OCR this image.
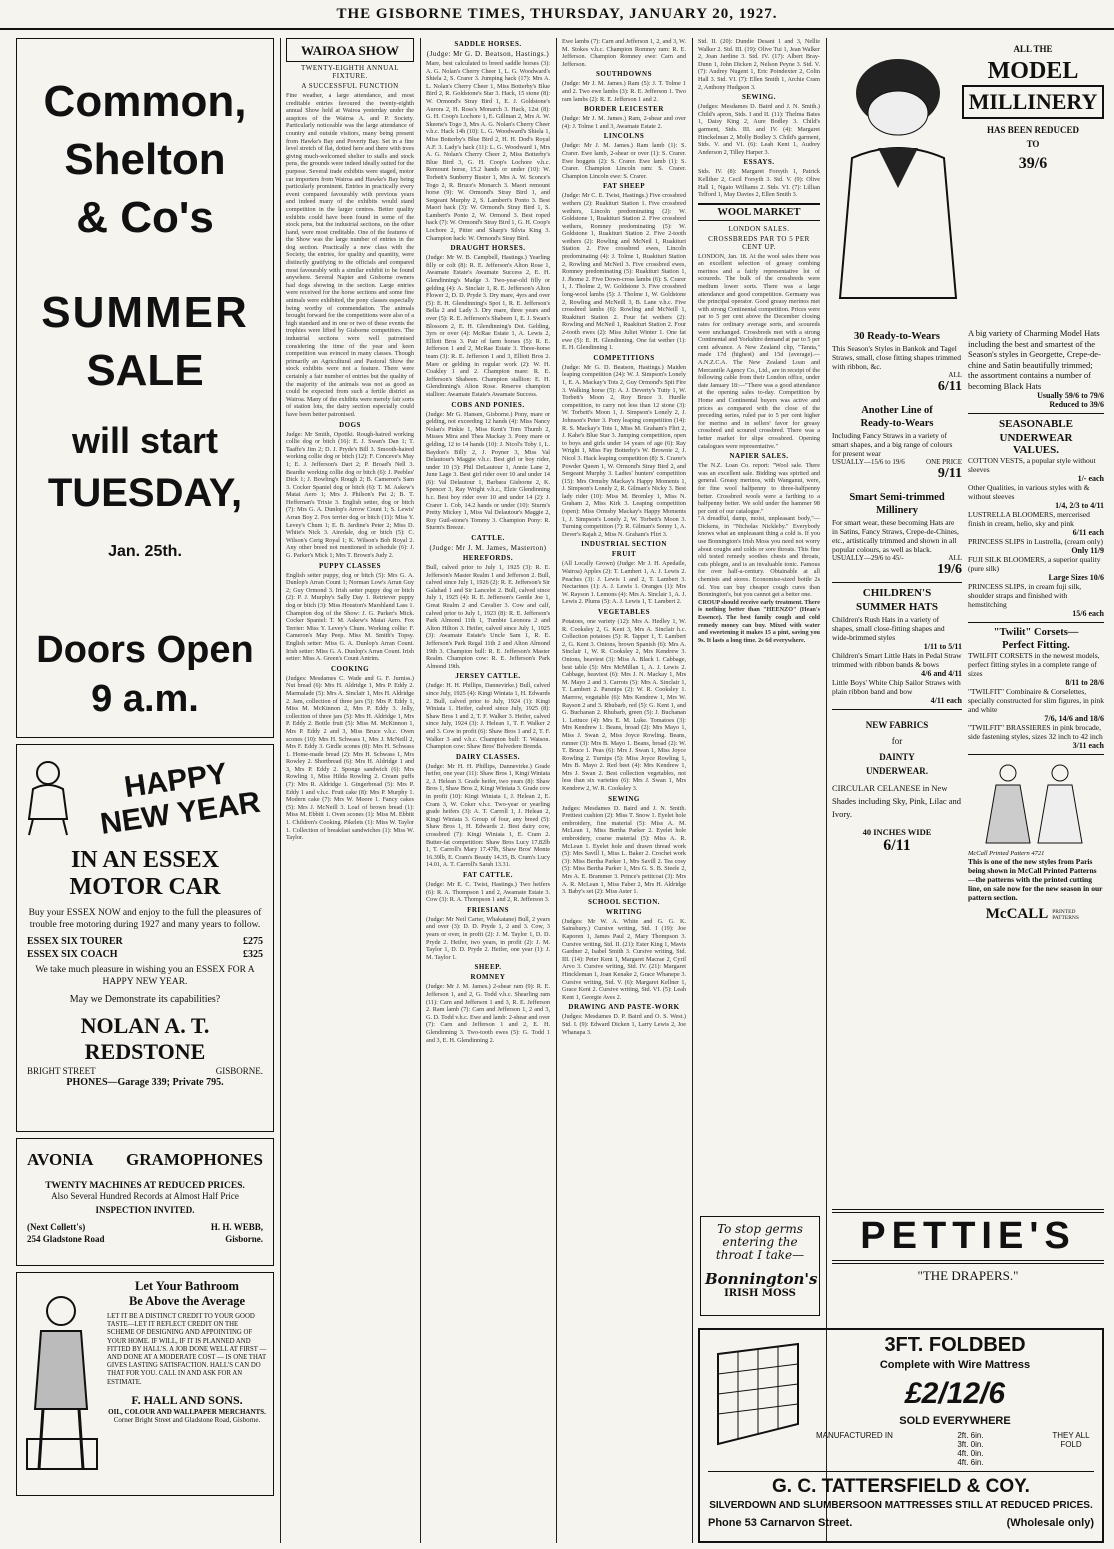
THE GISBORNE TIMES, THURSDAY, JANUARY 20, 1927.
Common,
Shelton
& Co's
SUMMER
SALE
will start
TUESDAY,
Jan. 25th.
Doors Open
9 a.m.
HAPPY NEW YEAR
IN AN ESSEX
MOTOR CAR
Buy your ESSEX NOW and enjoy to the full the pleasures of trouble free motoring during 1927 and many years to follow.
ESSEX SIX TOURER	£275
ESSEX SIX COACH	£325
We take much pleasure in wishing you an ESSEX FOR A HAPPY NEW YEAR.
May we Demonstrate its capabilities?
NOLAN A. T. REDSTONE
BRIGHT STREET	GISBORNE.
PHONES—Garage 339; Private 795.
AVONIA GRAMOPHONES
TWENTY MACHINES AT REDUCED PRICES.
Also Several Hundred Records at Almost Half Price
INSPECTION INVITED.
(Next Collett's)	H. H. WEBB,
254 Gladstone Road	Gisborne.
Let Your Bathroom
Be Above the Average
LET IT BE A DISTINCT CREDIT TO YOUR GOOD TASTE—LET IT REFLECT CREDIT ON THE SCHEME OF DESIGNING AND APPOINTING OF YOUR HOME. IF WILL, IF IT IS PLANNED AND FITTED BY HALL'S. A JOB DONE WELL AT FIRST — AND DONE AT A MODERATE COST — IS ONE THAT GIVES LASTING SATISFACTION. HALL'S CAN DO THAT FOR YOU. CALL IN AND ASK FOR AN ESTIMATE.
F. HALL AND SONS.
OIL, COLOUR AND WALLPAPER MERCHANTS.
Corner Bright Street and Gladstone Road, Gisborne.
WAIROA SHOW
TWENTY-EIGHTH ANNUAL FIXTURE.
A SUCCESSFUL FUNCTION

Fine weather, a large attendance, and most creditable entries favoured the twenty-eighth annual Show held at Wairoa yesterday under the auspices of the Wairoa A. and P. Society. Particularly noticeable was the large attendance of country and outside visitors, many being present from Hawke's Bay and Poverty Bay. Set in a fine level stretch of flat, dotted here and there with trees giving much-welcomed shelter to stalls and stock pens, the grounds were indeed ideally suited for the purpose. Several trade exhibits were staged, motor car importers from Wairoa and Hawke's Bay being particularly prominent. Entries in practically every event compared favourably with previous years and indeed many of the exhibits would stand competition in the larger centres. Better quality exhibits could have been found in some of the stock pens, but the industrial sections, on the other hand, were most creditable. One of the features of the Show was the large number of entries in the dog section. Practically a new class with the Society, the entries, for quality and quantity, were distinctly gratifying to the officials and compared most favourably with a similar exhibit to be found anywhere. Several Napier and Gisborne owners had dogs showing in the section. Large entries were received for the horse sections and some fine animals were exhibited, the pony classes especially being worthy of commendation. The animals brought forward for the competitions were also of a high standard and in one or two of these events the trophies were lifted by Gisborne competitors. The industrial sections were well patronised considering the time of the year and keen competition was evinced in many classes. Though primarily an Agricultural and Pastoral Show the stock exhibits were not a feature. There were certainly a fair number of entries but the quality of the majority of the animals was not as good as could be expected from such a fertile district as Wairoa. Many of the exhibits were merely fair sorts of station lots, the dairy section especially could have been better patronised.

DOGS

Judge: Mr Smith, Opotiki. Rough-haired working collie dog or bitch (16): E. J. Swan's Dan 1; T. Taaffe's Jim 2; D. J. Pryde's Bill 3. Smooth-haired working collie dog or bitch (12): F. Conceve's May 1; E. J. Jefferson's Dart 2; P. Broad's Nell 3. Beardie working collie dog or bitch (6): J. Peebles' Dick 1; J. Bowling's Rough 2; B. Cameron's Sam 3. Cocker Spaniel dog or bitch (6): T. M. Askew's Matai Aero 1; Mrs J. Philson's Pat 2; B. T. Heffernan's Trixie 3. English setter, dog or bitch (7): Mrs G. A. Dunlop's Arrow Count 1; S. Lewis' Arran Boy 2. Fox terrier dog or bitch (11): Miss Y. Levey's Chum 1; E. B. Jardine's Peter 2; Miss D. White's Nick 3. Airedale, dog or bitch (5): C. Wilson's Cerig Royal 1; K. Wilson's Bob Royal 2. Any other breed not mentioned in schedule (6): J. G. Parker's Mick 1; Mrs T. Brown's Judy 2.

PUPPY CLASSES

English setter puppy, dog or bitch (5): Mrs G. A. Dunlop's Arran Count 1; Norman Low's Arran Guy 2; Guy Ormond 3. Irish setter puppy dog or bitch (2): P. J. Murphy's Sally Day 1. Retriever puppy dog or bitch (3): Miss Houston's Marshland Lass 1. Champion dog of the Show: J. G. Parker's Mick. Cocker Spaniel: T. M. Askew's Matai Aero. Fox Terrier: Miss Y. Levey's Chum. Working collie: F. Cameron's May Peep. Miss M. Smith's Topsy. English setter: Miss G. A. Dunlop's Arran Count. Irish setter: Miss G. A. Dunlop's Arran Count. Irish setter: Miss A. Green's Count Antrim.

COOKING

(Judges: Mesdames C. Wade and G. F. Jurniss.) Nut bread (6): Mrs H. Aldridge 1, Mrs P. Eddy 2. Marmalade (5): Mrs A. Sinclair 1, Mrs H. Aldridge 2. Jam, collection of three jars (5): Mrs P. Eddy 1, Miss M. McKinnon 2, Mrs P. Eddy 3. Jelly, collection of three jars (5): Mrs H. Aldridge 1, Mrs P. Eddy 2. Bottle fruit (5): Miss M. McKinnon 1, Mrs P. Eddy 2 and 3, Miss Bruce v.h.c. Oven scones (10): Mrs H. Schwass 1, Mrs J. McNeill 2, Mrs F. Eddy 3. Girdle scones (8): Mrs H. Schwass 1. Home-made bread (2): Mrs H. Schwass 1, Mrs Rowley 2. Shortbread (6): Mrs H. Aldridge 1 and 3, Mrs P. Eddy 2. Sponge sandwich (6): Mrs Rowling 1, Miss Hilda Rowling 2. Cream puffs (7): Mrs R. Aldridge 1. Gingerbread (5): Mrs P. Eddy 1 and v.h.c. Fruit cake (8): Mrs P. Murphy 1. Modern cake (7): Mrs W. Moore 1. Fancy cakes (5): Mrs J. McNeill 3. Loaf of brown bread (1): Miss M. Ebbitt 1. Oven scones (1): Miss M. Ebbitt 1. Children's Cooking. Pikelets (1): Miss W. Taylor 1. Collection of breakfast sandwiches (1): Miss W. Taylor.

SADDLE HORSES.
(Judge: Mr G. D. Beatson, Hastings.)

Mare, best calculated to breed saddle horses (3): A. G. Nolan's Cherry Cheer 1, L. G. Woodward's Shiela 2, S. Crarer 3. Jumping hack (17): Mrs A. L. Nolan's Cherry Cheer 1, Miss Botterby's Blue Bird 2, R. Goldstone's Star 3. Hack, 15 stone (8): W. Ormond's Stray Bird 1, E. J. Goldstone's Aurora 2, H. Ross's Monarch 3. Hack, 12st (8): G. H. Coop's Lochore 1, E. Gillman 2, Mrs A. W. Skeene's Togo 3, Mrs A. G. Nolan's Cherry Cheer v.h.c. Hack 14h (10): L. G. Woodward's Shiela 1, Miss Botterby's Blue Bird 2, H. H. Dod's Royal A.F. 3. Lady's hack (11): L. G. Woodward 1, Mrs A. G. Nolan's Cherry Cheer 2, Miss Botterby's Blue Bird 3, G. H. Coop's Lochore v.h.c. Remount horse, 15.2 hands or under (10): W. Torbett's Sunberry Buster 1, Mrs A. W. Sconce's Togo 2, R. Bruce's Monarch 3. Maori remount horse (9): W. Ormond's Stray Bird 1, and Sergeant Murphy 2, S. Lambert's Ponto 3. Best Maori hack (3): W. Ormond's Stray Bird 1, S. Lambert's Ponto 2, W. Ormond 3. Best roped hack (7): W. Ormond's Stray Bird 1, G. H. Coop's Lochore 2, Pitter and Sharp's Silvia King 3. Champion hack: W. Ormond's Stray Bird.

DRAUGHT HORSES.

(Judge: Mr W. B. Campbell, Hastings.) Yearling filly or colt (8): R. E. Jefferson's Alton Rose 1, Awamate Estate's Awamate Success 2, E. H. Glendinning's Madge 3. Two-year-old filly or gelding (4): A. Sinclair 1, R. E. Jefferson's Alton Flower 2, D. D. Pryde 3. Dry mare, 4yrs and over (5): E. H. Glendinning's Spot 1, R. E. Jefferson's Bella 2 and Lady 3. Dry mare, three years and over (5): R. E. Jefferson's Shabeen 1, E. J. Swan's Blossom 2, E. H. Glendinning's Dot. Gelding, 3yrs or over (4): McRae Estate 1, A. Lewis 2, Elliott Bros 3. Pair of farm horses (5): R. E. Jefferson 1 and 2, McRae Estate 3. Three-horse team (3): R. E. Jefferson 1 and 3, Elliott Bros 2. Mare or gelding in regular work (2): W. H. Coakley 1 and 2. Champion mare: R. E. Jefferson's Shabeen. Champion stallion: E. H. Glendinning's Alton Rose. Reserve champion stallion: Awamate Estate's Awamate Success.

COBS AND PONIES.

(Judge: Mr G. Hansen, Gisborne.) Pony, mare or gelding, not exceeding 12 hands (4): Miss Nancy Nolan's Pinkie 1, Miss Kent's Tom Thumb 2, Misses Mira and Thea Mackay 3. Pony mare or gelding, 12 to 14 hands (10): J. Nicol's Toby 1, L. Baydon's Billy 2, J. Poyner 3, Miss Val Delautour's Maggie v.h.c. Best girl or boy rider, under 10 (3): Phil DeLautour 1, Annie Lane 2, June Lage 3. Best girl rider over 10 and under 14 (6): Val Delautour 1, Barbara Gisborne 2, K. Spencer 3, Ray Wright v.h.c., Elzie Glendinning h.c. Best boy rider over 10 and under 14 (2): J. Crarer 1. Cob, 14.2 hands or under (10): Sturm's Pretty Mickey 1, Miss Val Delautour's Maggie 2, Roy Guil-stone's Tommy 3. Champion Pony: R. Sturm's Breeze.

CATTLE.
(Judge: Mr J. M. James, Masterton)
HEREFORDS.

Bull, calved prior to July 1, 1925 (3): R. E. Jefferson's Master Realm 1 and Jefferson 2. Bull, calved since July 1, 1926 (2): R. E. Jefferson's Sir Galahad 1 and Sir Lancelot 2. Bull, calved since July 1, 1925 (4): R. E. Jefferson's Gentle Joe 1, Great Realm 2 and Cavalier 3. Cow and calf, calved prior to July 1, 1923 (8): R. E. Jefferson's Park Almond 11th 1, Tumbie Leonora 2 and Alton Hilton 3. Heifer, calved since July 1, 1925 (3): Awamate Estate's Uncle Sam 1, R. E. Jefferson's Park Regal 11th 2 and Alton Almond 19th 3. Champion bull: R. E. Jefferson's Master Realm. Champion cow: R. E. Jefferson's Park Almond 19th.

JERSEY CATTLE.

(Judge: H. H. Phillips, Dannevirke.) Bull, calved since July, 1925 (4): Kingi Winiata 1, H. Edwards 2. Bull, calved prior to July, 1924 (1): Kingi Winiata 1. Heifer, calved since July, 1925 (8): Shaw Bros 1 and 2, T. F. Walker 3. Heifer, calved since July, 1924 (3): J. Helean 1, T. F. Walker 2 and 3. Cow in profit (6): Shaw Bros 1 and 2, T. F. Walker 3 and v.h.c. Champion bull: T. Watson. Champion cow: Shaw Bros' Belvedere Brenda.

DAIRY CLASSES.

(Judge: Mr H. H. Phillips, Dannevirke.) Grade heifer, one year (11): Shaw Bros 1, Kingi Winiata 2, J. Helean 3. Grade heifer, two years (8): Shaw Bros 1, Shaw Bros 2, Kingi Winiata 3. Grade cow in profit (10): Kingi Winiata 1, J. Helean 2, E. Cram 3, W. Coker v.h.c. Two-year or yearling grade heifers (3): A. T. Carroll 1, J. Helean 2, Kingi Winiata 3. Group of four, any breed (5): Shaw Bros 1, H. Edwards 2. Best dairy cow, crossbred (7): Kingi Winiata 1, E. Cram 2. Butter-fat competition: Shaw Bros Lucy 17.82lb 1, T. Carroll's Mary 17.47lb, Shaw Bros' Monte 16.39lb, E. Cram's Beauty 14.35, B. Cram's Lucy 14.01, A. T. Carroll's Sarah 13.31.

FAT CATTLE.

(Judge: Mr E. C. Twist, Hastings.) Two heifers (6): R. A. Thompson 1 and 2, Awamate Estate 3. Cow (3): R. A. Thompson 1 and 2, R. Jefferson 3.

FRIESIANS

(Judge: Mr Neil Carter, Whakatane) Bull, 2 years and over (3): D. D. Pryde 1, 2 and 3. Cow, 3 years or over, in profit (2): J. M. Taylor 1, D. D. Pryde 2. Heifer, two years, in profit (2): J. M. Taylor 1, D. D. Pryde 2. Heifer, one year (1): J. M. Taylor 1.

SHEEP.
ROMNEY

(Judge: Mr J. M. James.) 2-shear ram (9): R. E. Jefferson 1, and 2, G. Todd v.h.c. Shearling ram (11): Carn and Jefferson 1 and 3, R. E. Jefferson 2. Ram lamb (7): Carn and Jefferson 1, 2 and 3, G. D. Todd v.h.c. Ewe and lamb: 2-shear and over (7): Carn and Jefferson 1 and 2, E. H. Glendinning 3. Two-tooth ewes (5): G. Todd 1 and 3, E. H. Glendinning 2.

Ewe lambs (7): Carn and Jefferson 1, 2, and 3, W. M. Stokes v.h.c. Champion Romney ram: R. E. Jefferson. Champion Romney ewe: Carn and Jefferson.

SOUTHDOWNS

(Judge: Mr J. M. James.) Ram (5): J. T. Tolme 1 and 2. Two ewe lambs (3): R. E. Jefferson 1. Two ram lambs (2): R. E. Jefferson 1 and 2.

BORDER LEICESTER

(Judge: Mr J. M. James.) Ram, 2-shear and over (4): J. Tolme 1 and 3, Awamate Estate 2.

LINCOLNS

(Judge: Mr J. M. James.) Ram lamb (1): S. Crarer. Ewe lamb, 2-shear or over (1): S. Crarer. Ewe hoggets (2): S. Crarer. Ewe lamb (1): S. Crarer. Champion Lincoln ram: S. Crarer. Champion Lincoln ewe: S. Crarer.

FAT SHEEP

(Judge: Mr C. E. Twist, Hastings.) Five crossbred wethers (2): Ruakituri Station 1. Five crossbred wethers, Lincoln predominating (2): W. Goldstone 1, Ruakituri Station 2. Five crossbred wethers, Romney predominating (5): W. Goldstone 1, Ruakituri Station 2. Five 2-tooth wethers (2): Rowling and McNeil 1, Ruakituri Station 2. Five crossbred ewes, Lincoln predominating (4): J. Tolme 1, Ruakituri Station 2, Rowling and McNeil 3. Five crossbred ewes, Romney predominating (5): Ruakituri Station 1, J. Jhome 2. Five Down-cross lambs (6): S. Crarer 1, J. Tholme 2, W. Goldstone 3. Five crossbred long-wool lambs (5): J. Tholme 1, W. Goldstone 2, Rowling and McNeill 3, B. Lane v.h.c. Five crossbred lambs (6): Rowling and McNeill 1, Ruakituri Station 2. Four fat wethers (2): Rowling and McNeil 1, Ruakituri Station 2. Four 2-tooth ewes (2): Miss Juliet Winter 1. One fat ewe (5): E. H. Glendinning. One fat wether (1): E. H. Glendinning 1.

COMPETITIONS

(Judge: Mr G. D. Beatson, Hastings.) Maiden leaping competition (24): W. J. Simpson's Lonely 1, E. A. Mackay's Tots 2, Guy Ormond's Spit Fire 3. Walking horse (5): A. J. Deverty's Tutty 1, W. Torbett's Moon 2, Roy Bruce 3. Hurdle competition, to carry not less than 12 stone (3): W. Torbett's Moon 1, J. Simpson's Lonely 2, J. Johnson's Peter 3. Pony leaping competition (14): R. S. Mackay's Tots 1, Miss M. Graham's Flirt 2, J. Kahe's Blue Star 3. Jumping competition, open to boys and girls under 14 years of age (6): Ray Wright 1, Miss Fay Botterby's W. Brownie 2, J. Nicol 3. Hack leaping competition (8): S. Crarer's Powder Queen 1, W. Ormond's Stray Bird 2, and Sergeant Murphy 3. Ladies' hunters' competition (15): Mrs Ormsby Mackay's Happy Moments 1, J. Simpson's Lonely 2, R. Gilman's Nicky 3. Best lady rider (10): Miss M. Bromley 1, Miss N. Graham 2, Miss Kirk 3. Leaping competition (open): Miss Ormsby Mackay's Happy Moments 1, J. Simpson's Lonely 2, W. Torbett's Moon 3. Turning competition (7): R. Gilman's Sonny 1, A. Dever's Rajah 2, Miss N. Graham's Flirt 3.

INDUSTRIAL SECTION
FRUIT

(All Locally Grown) (Judge: Mr J. H. Apedaile, Wairoa) Apples (2): T. Lambert 1, A. J. Lewis 2. Peaches (3): J. Lewis 1 and 2, T. Lambert 3. Nectarines (1): A. J. Lewis 1. Oranges (1): Mrs W. Rayson 1. Lemons (4): Mrs A. Sinclair 1, A. J. Lewis 2. Plums (5): A. J. Lewis 1, T. Lambert 2.

VEGETABLES

Potatoes, one variety (12): Mrs A. Hedley 1, W. R. Cooksley 2, G. Kent 3, Mrs A. Sinclair h.c. Collection potatoes (5): R. Tapper 1, T. Lambert 2, G. Kent 3. Onions, brown Spanish (6): Mrs A. Sinclair 1, W. R. Cooksley 2, Mrs Kendrew 3. Onions, heaviest (3): Miss A. Black 1. Cabbage, best table (5): Mrs McMillan 1, A. J. Lewis 2. Cabbage, heaviest (6): Mrs J. N. Mackay 1, Mrs M. Mayo 2 and 3. Carrots (5): Mrs A. Sinclair 1, T. Lambert 2. Parsnips (2): W. R. Cooksley 1. Marrow, vegetable (6): Mrs Kendrew 1, Mrs W. Rayson 2 and 3. Rhubarb, red (5): G. Kent 1, and G. Buchanan 2. Rhubarb, green (5): J. Buchanan 1. Lettuce (4): Mrs E. M. Luke. Tomatoes (3): Mrs Kendrew 1. Beans, broad (2): Mrs Mayo 1, Miss J. Swan 2, Miss Joyce Rowling. Beans, runner (3): Mrs B. Mayo 1. Beans, broad (2): W. T. Bruce 1. Peas (6): Mrs J. Swan 1, Miss Joyce Rowling 2. Turnips (5): Miss Joyce Rowling 1, Mrs B. Mayo 2. Red beet (4): Mrs Kendrew 1, Mrs J. Swan 2. Best collection vegetables, not less than six varieties (6): Mrs J. Swan 1, Mrs Kendrew 2, W. R. Cooksley 3.

SEWING

Judges: Mesdames D. Baird and J. N. Smith. Prettiest cushion (2): Miss T. Snow 1. Eyelet hole embroidery, fine material (5): Miss A. M. McLean 1, Miss Bertha Parker 2. Eyelet hole embroidery, coarse material (5): Miss A. R. McLean 1. Eyelet hole and drawn thread work (5): Mrs Savill 1, Miss L. Baker 2. Crochet work (3): Miss Bertha Parker 1, Mrs Savill 2. Tea cosy (5): Miss Bertha Parker 1, Mrs G. S. B. Steele 2, Mrs A. E. Brammer 3. Prince's petticoat (3): Mrs A. R. McLean 1, Miss Faber 2, Mrs H. Aldridge 3. Baby's set (2): Miss Aster 1.

SCHOOL SECTION.
WRITING

(Judges: Mr W. A. White and G. G. K. Sainsbury.) Cursive writing, Std. I (19): Joe Kaporen 1, James Paul 2, Mary Thompson 3. Cursive writing, Std. II. (21): Ester King 1, Mavis Gardner 2, Isabel Smith 3. Cursive writing, Std. III. (14): Peter Kent 1, Margaret Macrae 2, Cyril Arvo 3. Cursive writing, Std. IV. (21): Margaret Hinckleman 1, Joan Kenake 2, Grace Whanepe 3. Cursive writing, Std. V. (6): Margaret Kellner 1, Grace Kent 2. Cursive writing, Std. VI. (5): Leah Kent 1, Georgie Aves 2.

DRAWING AND PASTE-WORK

(Judges: Mesdames D. P. Baird and O. S. West.) Std. I. (9): Edward Dicken 1, Larry Lewis 2, Joe Whanapa 3.

Std. II. (20): Dundie Desant 1 and 3, Nellie Walker 2. Std. III. (19): Olive Tui 1, Jean Walker 2, Joan Jardine 3. Std. IV. (17): Albert Bray-Dunn 1, John Dicken 2, Nelson Peyne 3. Std. V. (7): Audrey Nugent 1, Eric Poindexter 2, Colin Hall 3. Std. VI. (7): Ellen Smith 1, Archie Cram 2, Anthony Hudgson 3.

SEWING.

(Judges: Mesdames D. Baird and J. N. Smith.) Child's apron, Stds. I and II. (11): Thelma Bates 1, Daisy King 2, Aure Bodley 3. Child's garment, Stds. III. and IV. (4): Margaret Hinckelman 2, Molly Bodley 3. Child's garment, Stds. V. and VI. (6): Leah Kent 1, Audrey Anderson 2, Tilley Harper 3.

ESSAYS.

Stds. IV. (8): Margaret Forsyth 1, Patrick Kelliher 2, Cecil Forsyth 3. Std. V. (9): Olive Hall 1, Ngaio Williams 2. Stds. VI. (7): Lillian Telford 1, May Davies 2, Ellen Smith 3.

WOOL MARKET
LONDON SALES.
CROSSBREDS PAR TO 5 PER CENT UP.

LONDON, Jan. 18. At the wool sales there was an excellent selection of greasy combing merinos and a fairly representative lot of scoureds. The bulk of the crossbreds were medium lower sorts. There was a large attendance and good competition. Germany was the principal operator. Good greasy merinos met with strong Continental competition. Prices were par to 5 per cent above the December closing rates for ordinary average sorts, and scoureds were unchanged. Crossbreds met with a strong Continental and Yorkshire demand at par to 5 per cent advance. A New Zealand clip, "Tarata," made 17d (highest) and 15d (average).—A.N.Z.C.A. The New Zealand Loan and Mercantile Agency Co., Ltd., are in receipt of the following cable from their London office, under date January 18:—"There was a good attendance at the opening sales to-day. Competition by Home and Continental buyers was active and prices as compared with the close of the preceding series, ruled par to 5 per cent higher for merino and in sellers' favor for greasy crossbred and scoured crossbred. There was a better market for slipe crossbred. Opening catalogues were representative."

NAPIER SALES.

The N.Z. Loan Co. report: "Wool sale. There was an excellent sale. Bidding was spirited and general. Greasy merinos, with Wanganui, were, for fine wool halfpenny to three-halfpenny better. Crossbred wools were a farthing to a halfpenny better. We sold under the hammer 98 per cent of our catalogue."

"A dreadful, damp, moist, unpleasant body,"—Dickens, in "Nicholas Nickleby." Everybody knows what an unpleasant thing a cold is. If you use Bonnington's Irish Moss you need not worry about coughs and colds or sore throats. This fine old tested remedy soothes chests and throats, cuts phlegm, and is an invaluable tonic. Famous for over half-a-century. Obtainable at all chemists and stores. Economise-sized bottle 2s 6d. You can buy cheaper cough cures than Bonnington's, but you cannot get a better one.

CROUP should receive early treatment. There is nothing better than "HEENZO" (Hean's Essence). The best family cough and cold remedy money can buy. Mixed with water and sweetening it makes 15 a pint, saving you 9s. It lasts a long time. 2s 6d everywhere.

To stop germs
entering the
throat I take—
Bonnington's
IRISH MOSS
ALL THE
MODEL
MILLINERY
HAS BEEN REDUCED
TO
39/6
30 Ready-to-Wears

This Season's Styles in Bankok and Tagel Straws, small, close fitting shapes trimmed with ribbon, &c.

ALL
6/11
Another Line of
Ready-to-Wears

Including Fancy Straws in a variety of smart shapes, and a big range of colours for present wear

USUALLY—15/6 to 19/6	ONE PRICE
9/11
Smart Semi-trimmed
Millinery

For smart wear, these becoming Hats are in Satins, Fancy Straws, Crepe-de-Chines, etc., artistically trimmed and shown in all popular colours, as well as black.

USUALLY—29/6 to 45/-	ALL
19/6
CHILDREN'S
SUMMER HATS

Children's Rush Hats in a variety of shapes, small close-fitting shapes and wide-brimmed styles

1/11 to 5/11

Children's Smart Little Hats in Pedal Straw trimmed with ribbon bands & bows

4/6 and 4/11

Little Boys' White Chip Sailor Straws with plain ribbon band and bow

4/11 each
NEW FABRICS
for
DAINTY
UNDERWEAR.

CIRCULAR CELANESE in New Shades including Sky, Pink, Lilac and Ivory.

40 INCHES WIDE
6/11

A big variety of Charming Model Hats including the best and smartest of the Season's styles in Georgette, Crepe-de-chine and Satin beautifully trimmed; the assortment contains a number of becoming Black Hats

Usually 59/6 to 79/6
Reduced to 39/6
SEASONABLE
UNDERWEAR
VALUES.

COTTON VESTS, a popular style without sleeves

1/- each

Other Qualities, in various styles with & without sleeves

1/4, 2/3 to 4/11

LUSTRELLA BLOOMERS, mercerised finish in cream, helio, sky and pink

6/11 each

PRINCESS SLIPS in Lustrella, (cream only)

Only 11/9

FUJI SILK BLOOMERS, a superior quality (pure silk)

Large Sizes 10/6

PRINCESS SLIPS, in cream fuji silk, shoulder straps and finished with hemstitching

15/6 each
"Twilit" Corsets—
Perfect Fitting.

TWILFIT CORSETS in the newest models, perfect fitting styles in a complete range of sizes

8/11 to 28/6

"TWILFIT" Combinaire & Corselettes, specially constructed for slim figures, in pink and white

7/6, 14/6 and 18/6

"TWILFIT" BRASSIERES in pink brocade, side fastening styles, sizes 32 inch to 42 inch

3/11 each
McCall Printed Pattern 4721

This is one of the new styles from Paris being shown in McCall Printed Patterns—the patterns with the printed cutting line, on sale now for the new season in our pattern section.

McCALL PRINTED PATTERNS
PETTIE'S
"THE DRAPERS."
3FT. FOLDBED
Complete with Wire Mattress
£2/12/6
SOLD EVERYWHERE
MANUFACTURED IN	2ft. 6in.
3ft. 0in.
4ft. 0in.
4ft. 6in.
THEY ALL FOLD
G. C. TATTERSFIELD & COY.
SILVERDOWN AND SLUMBERSOON MATTRESSES STILL AT REDUCED PRICES.
Phone 53 Carnarvon Street.	(Wholesale only)
